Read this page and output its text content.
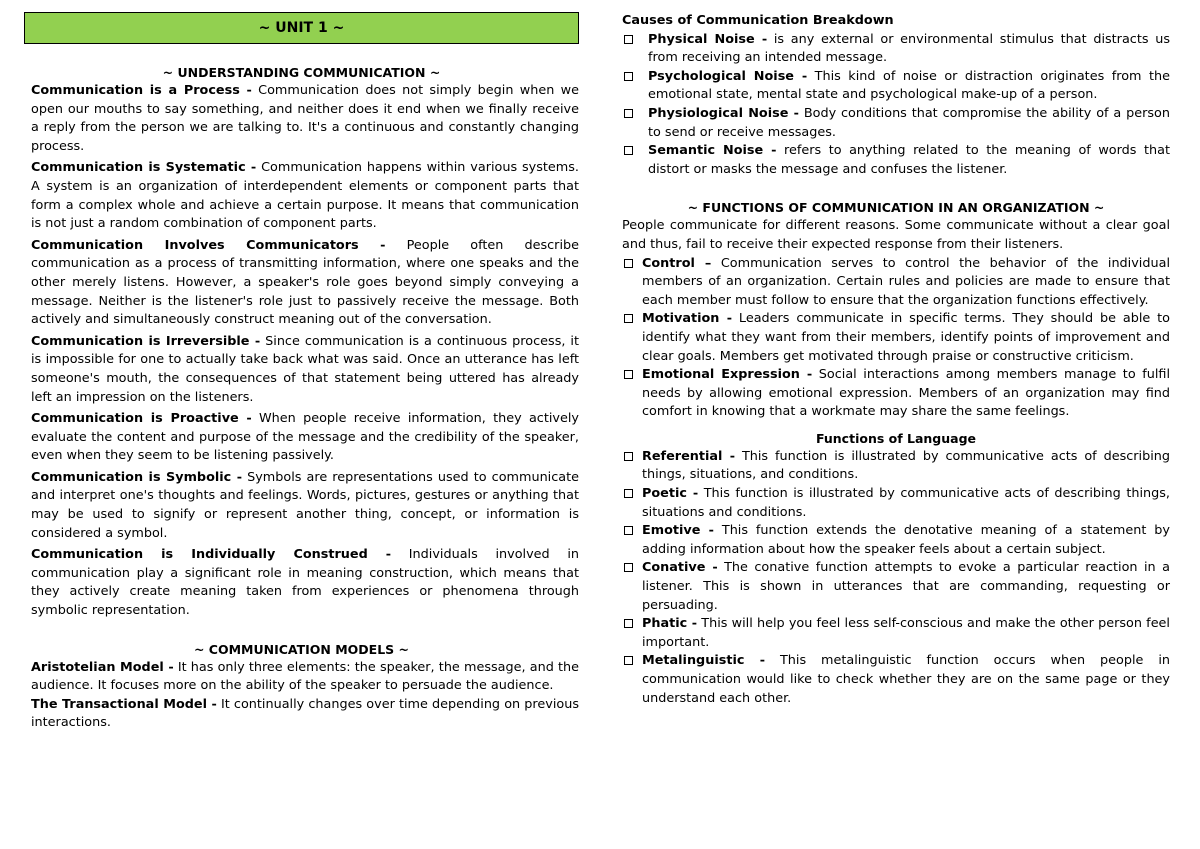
~ UNIT 1 ~
~ UNDERSTANDING COMMUNICATION ~

Communication is a Process - Communication does not simply begin when we open our mouths to say something, and neither does it end when we finally receive a reply from the person we are talking to. It's a continuous and constantly changing process.

Communication is Systematic - Communication happens within various systems. A system is an organization of interdependent elements or component parts that form a complex whole and achieve a certain purpose. It means that communication is not just a random combination of component parts.

Communication Involves Communicators - People often describe communication as a process of transmitting information, where one speaks and the other merely listens. However, a speaker's role goes beyond simply conveying a message. Neither is the listener's role just to passively receive the message. Both actively and simultaneously construct meaning out of the conversation.

Communication is Irreversible - Since communication is a continuous process, it is impossible for one to actually take back what was said. Once an utterance has left someone's mouth, the consequences of that statement being uttered has already left an impression on the listeners.

Communication is Proactive - When people receive information, they actively evaluate the content and purpose of the message and the credibility of the speaker, even when they seem to be listening passively.

Communication is Symbolic - Symbols are representations used to communicate and interpret one's thoughts and feelings. Words, pictures, gestures or anything that may be used to signify or represent another thing, concept, or information is considered a symbol.

Communication is Individually Construed - Individuals involved in communication play a significant role in meaning construction, which means that they actively create meaning taken from experiences or phenomena through symbolic representation.

~ COMMUNICATION MODELS ~

Aristotelian Model - It has only three elements: the speaker, the message, and the audience. It focuses more on the ability of the speaker to persuade the audience.

The Transactional Model - It continually changes over time depending on previous interactions.

Causes of Communication Breakdown
Physical Noise - is any external or environmental stimulus that distracts us from receiving an intended message.
Psychological Noise - This kind of noise or distraction originates from the emotional state, mental state and psychological make-up of a person.
Physiological Noise - Body conditions that compromise the ability of a person to send or receive messages.
Semantic Noise - refers to anything related to the meaning of words that distort or masks the message and confuses the listener.
~ FUNCTIONS OF COMMUNICATION IN AN ORGANIZATION ~

People communicate for different reasons. Some communicate without a clear goal and thus, fail to receive their expected response from their listeners.

Control – Communication serves to control the behavior of the individual members of an organization. Certain rules and policies are made to ensure that each member must follow to ensure that the organization functions effectively.
Motivation - Leaders communicate in specific terms. They should be able to identify what they want from their members, identify points of improvement and clear goals. Members get motivated through praise or constructive criticism.
Emotional Expression - Social interactions among members manage to fulfil needs by allowing emotional expression. Members of an organization may find comfort in knowing that a workmate may share the same feelings.
Functions of Language
Referential - This function is illustrated by communicative acts of describing things, situations, and conditions.
Poetic - This function is illustrated by communicative acts of describing things, situations and conditions.
Emotive - This function extends the denotative meaning of a statement by adding information about how the speaker feels about a certain subject.
Conative - The conative function attempts to evoke a particular reaction in a listener. This is shown in utterances that are commanding, requesting or persuading.
Phatic - This will help you feel less self-conscious and make the other person feel important.
Metalinguistic - This metalinguistic function occurs when people in communication would like to check whether they are on the same page or they understand each other.
